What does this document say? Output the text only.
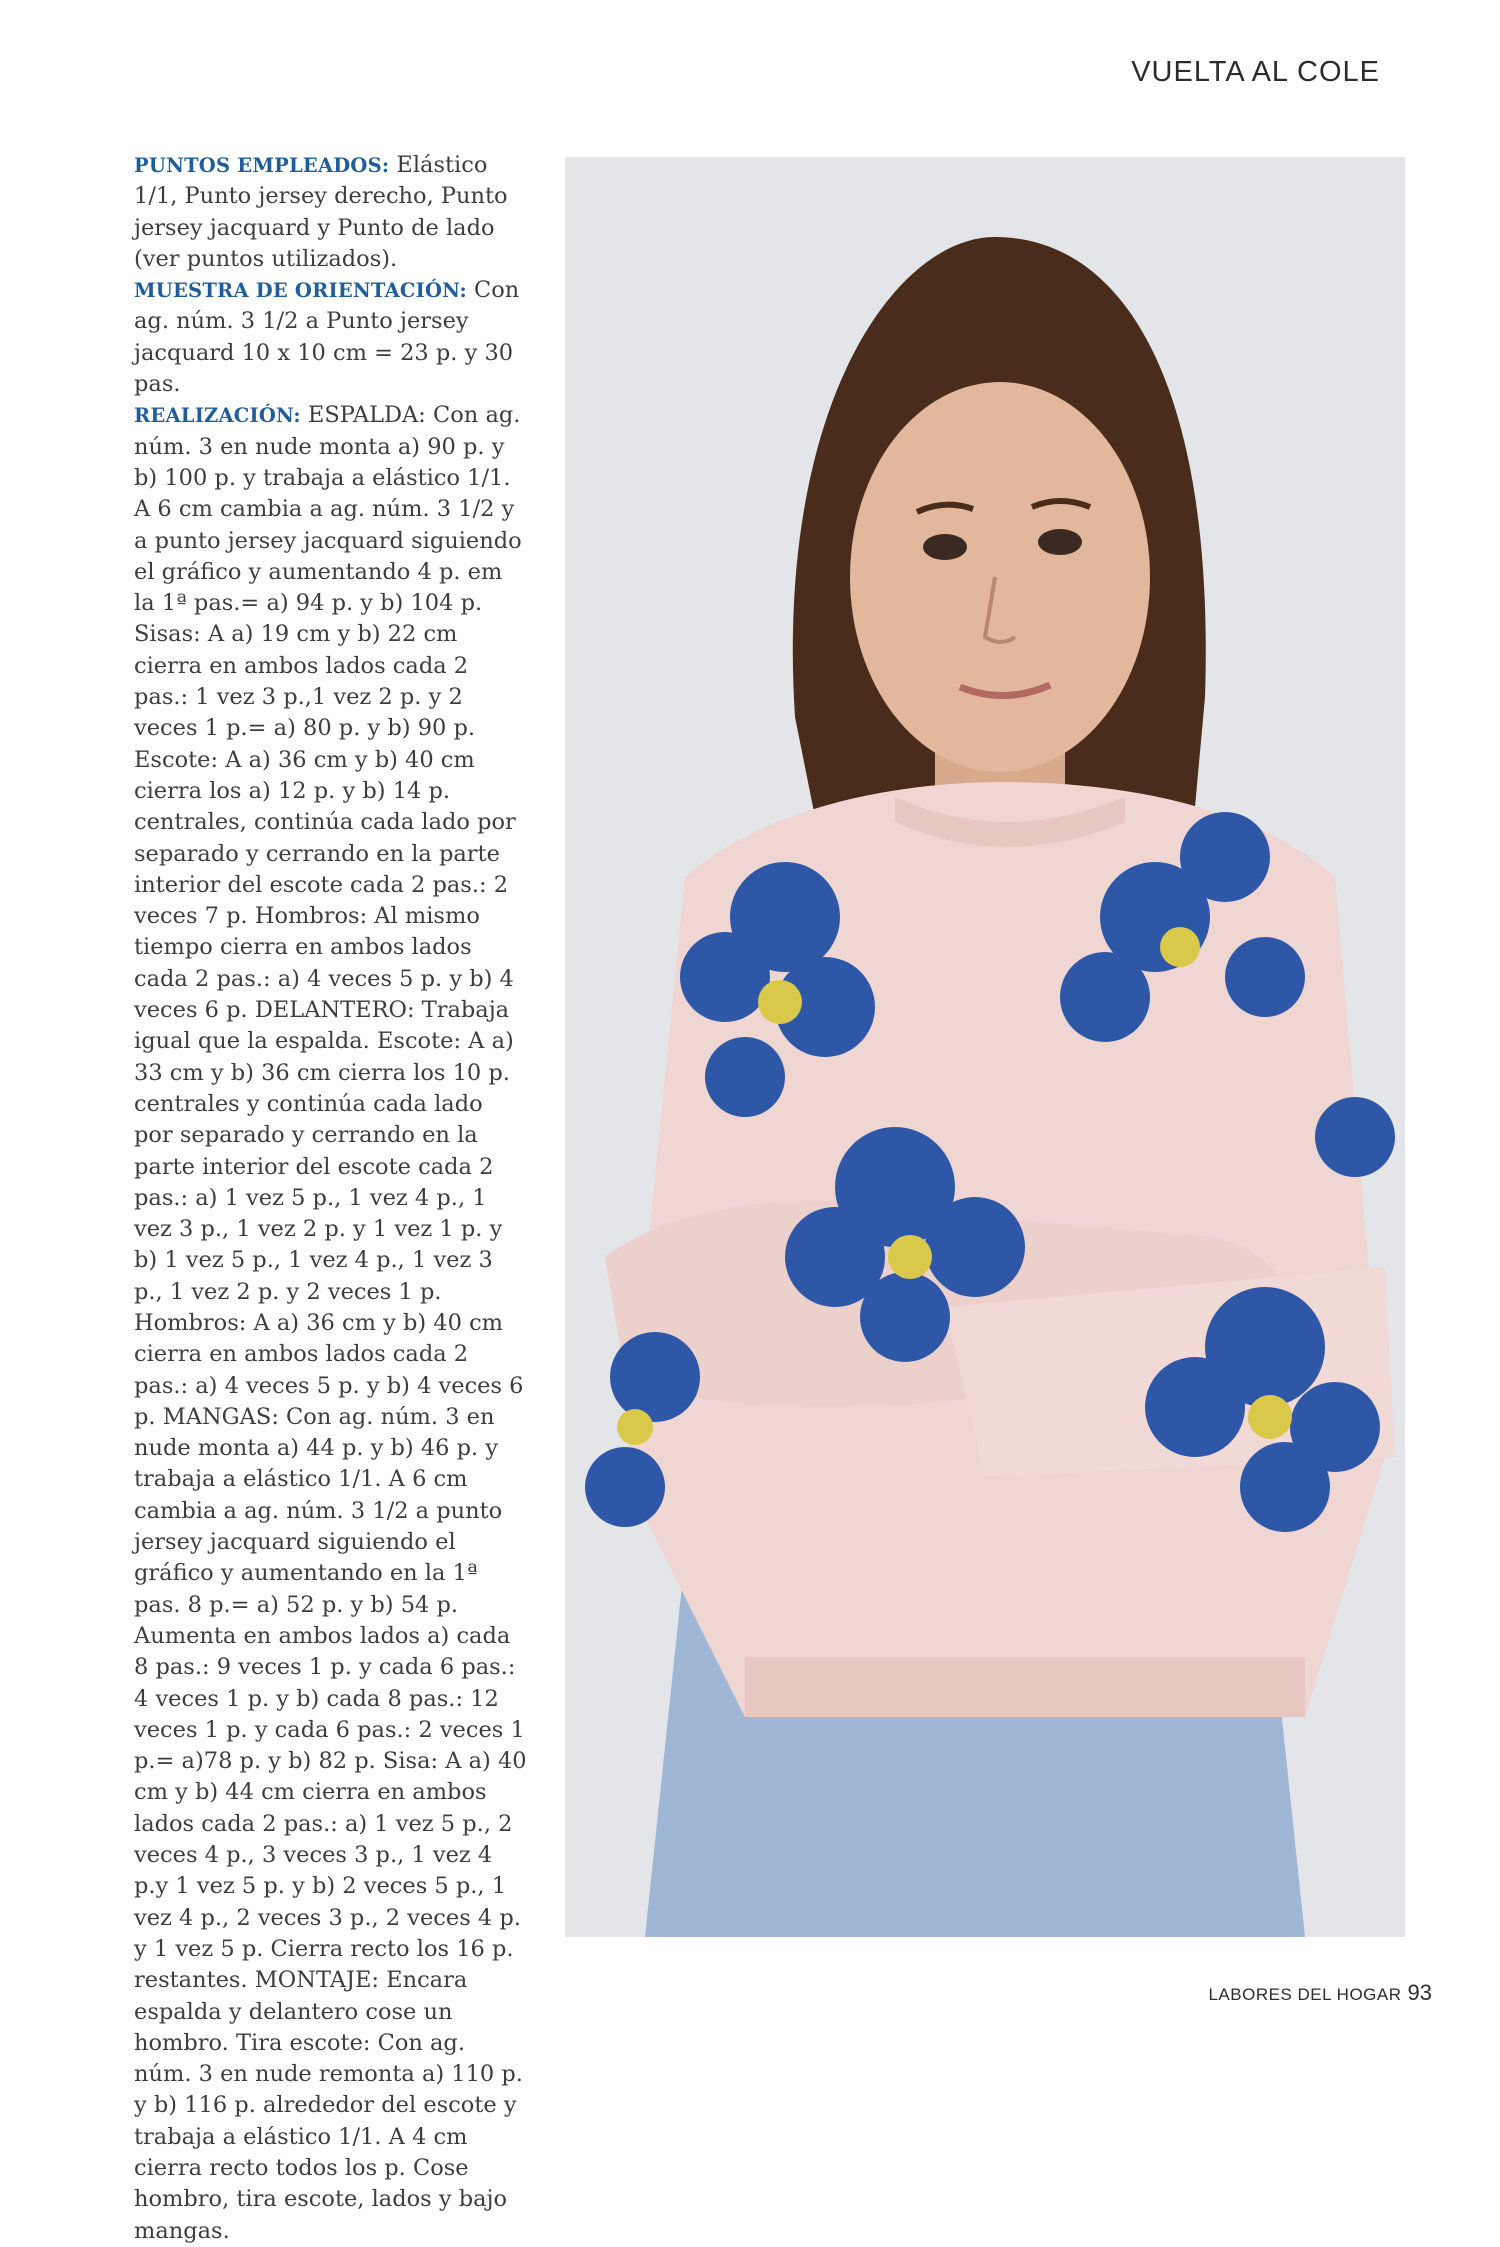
VUELTA AL COLE

PUNTOS EMPLEADOS: Elástico 1/1, Punto jersey derecho, Punto jersey jacquard y Punto de lado (ver puntos utilizados).

MUESTRA DE ORIENTACIÓN: Con ag. núm. 3 1/2 a Punto jersey jacquard 10 x 10 cm = 23 p. y 30 pas.

REALIZACIÓN: ESPALDA: Con ag. núm. 3 en nude monta a) 90 p. y b) 100 p. y trabaja a elástico 1/1. A 6 cm cambia a ag. núm. 3 1/2 y a punto jersey jacquard siguiendo el gráfico y aumentando 4 p. em la 1ª pas.= a) 94 p. y b) 104 p. Sisas: A a) 19 cm y b) 22 cm cierra en ambos lados cada 2 pas.: 1 vez 3 p.,1 vez 2 p. y 2 veces 1 p.= a) 80 p. y b) 90 p. Escote: A a) 36 cm y b) 40 cm cierra los a) 12 p. y b) 14 p. centrales, continúa cada lado por separado y cerrando en la parte interior del escote cada 2 pas.: 2 veces 7 p. Hombros: Al mismo tiempo cierra en ambos lados cada 2 pas.: a) 4 veces 5 p. y b) 4 veces 6 p. DELANTERO: Trabaja igual que la espalda. Escote: A a) 33 cm y b) 36 cm cierra los 10 p. centrales y continúa cada lado por separado y cerrando en la parte interior del escote cada 2 pas.: a) 1 vez 5 p., 1 vez 4 p., 1 vez 3 p., 1 vez 2 p. y 1 vez 1 p. y b) 1 vez 5 p., 1 vez 4 p., 1 vez 3 p., 1 vez 2 p. y 2 veces 1 p. Hombros: A a) 36 cm y b) 40 cm cierra en ambos lados cada 2 pas.: a) 4 veces 5 p. y b) 4 veces 6 p. MANGAS: Con ag. núm. 3 en nude monta a) 44 p. y b) 46 p. y trabaja a elástico 1/1. A 6 cm cambia a ag. núm. 3 1/2 a punto jersey jacquard siguiendo el gráfico y aumentando en la 1ª pas. 8 p.= a) 52 p. y b) 54 p. Aumenta en ambos lados a) cada 8 pas.: 9 veces 1 p. y cada 6 pas.: 4 veces 1 p. y b) cada 8 pas.: 12 veces 1 p. y cada 6 pas.: 2 veces 1 p.= a)78 p. y b) 82 p. Sisa: A a) 40 cm y b) 44 cm cierra en ambos lados cada 2 pas.: a) 1 vez 5 p., 2 veces 4 p., 3 veces 3 p., 1 vez 4 p.y 1 vez 5 p. y b) 2 veces 5 p., 1 vez 4 p., 2 veces 3 p., 2 veces 4 p. y 1 vez 5 p. Cierra recto los 16 p. restantes. MONTAJE: Encara espalda y delantero cose un hombro. Tira escote: Con ag. núm. 3 en nude remonta a) 110 p. y b) 116 p. alrededor del escote y trabaja a elástico 1/1. A 4 cm cierra recto todos los p. Cose hombro, tira escote, lados y bajo mangas.

LABORES DEL HOGAR 93
